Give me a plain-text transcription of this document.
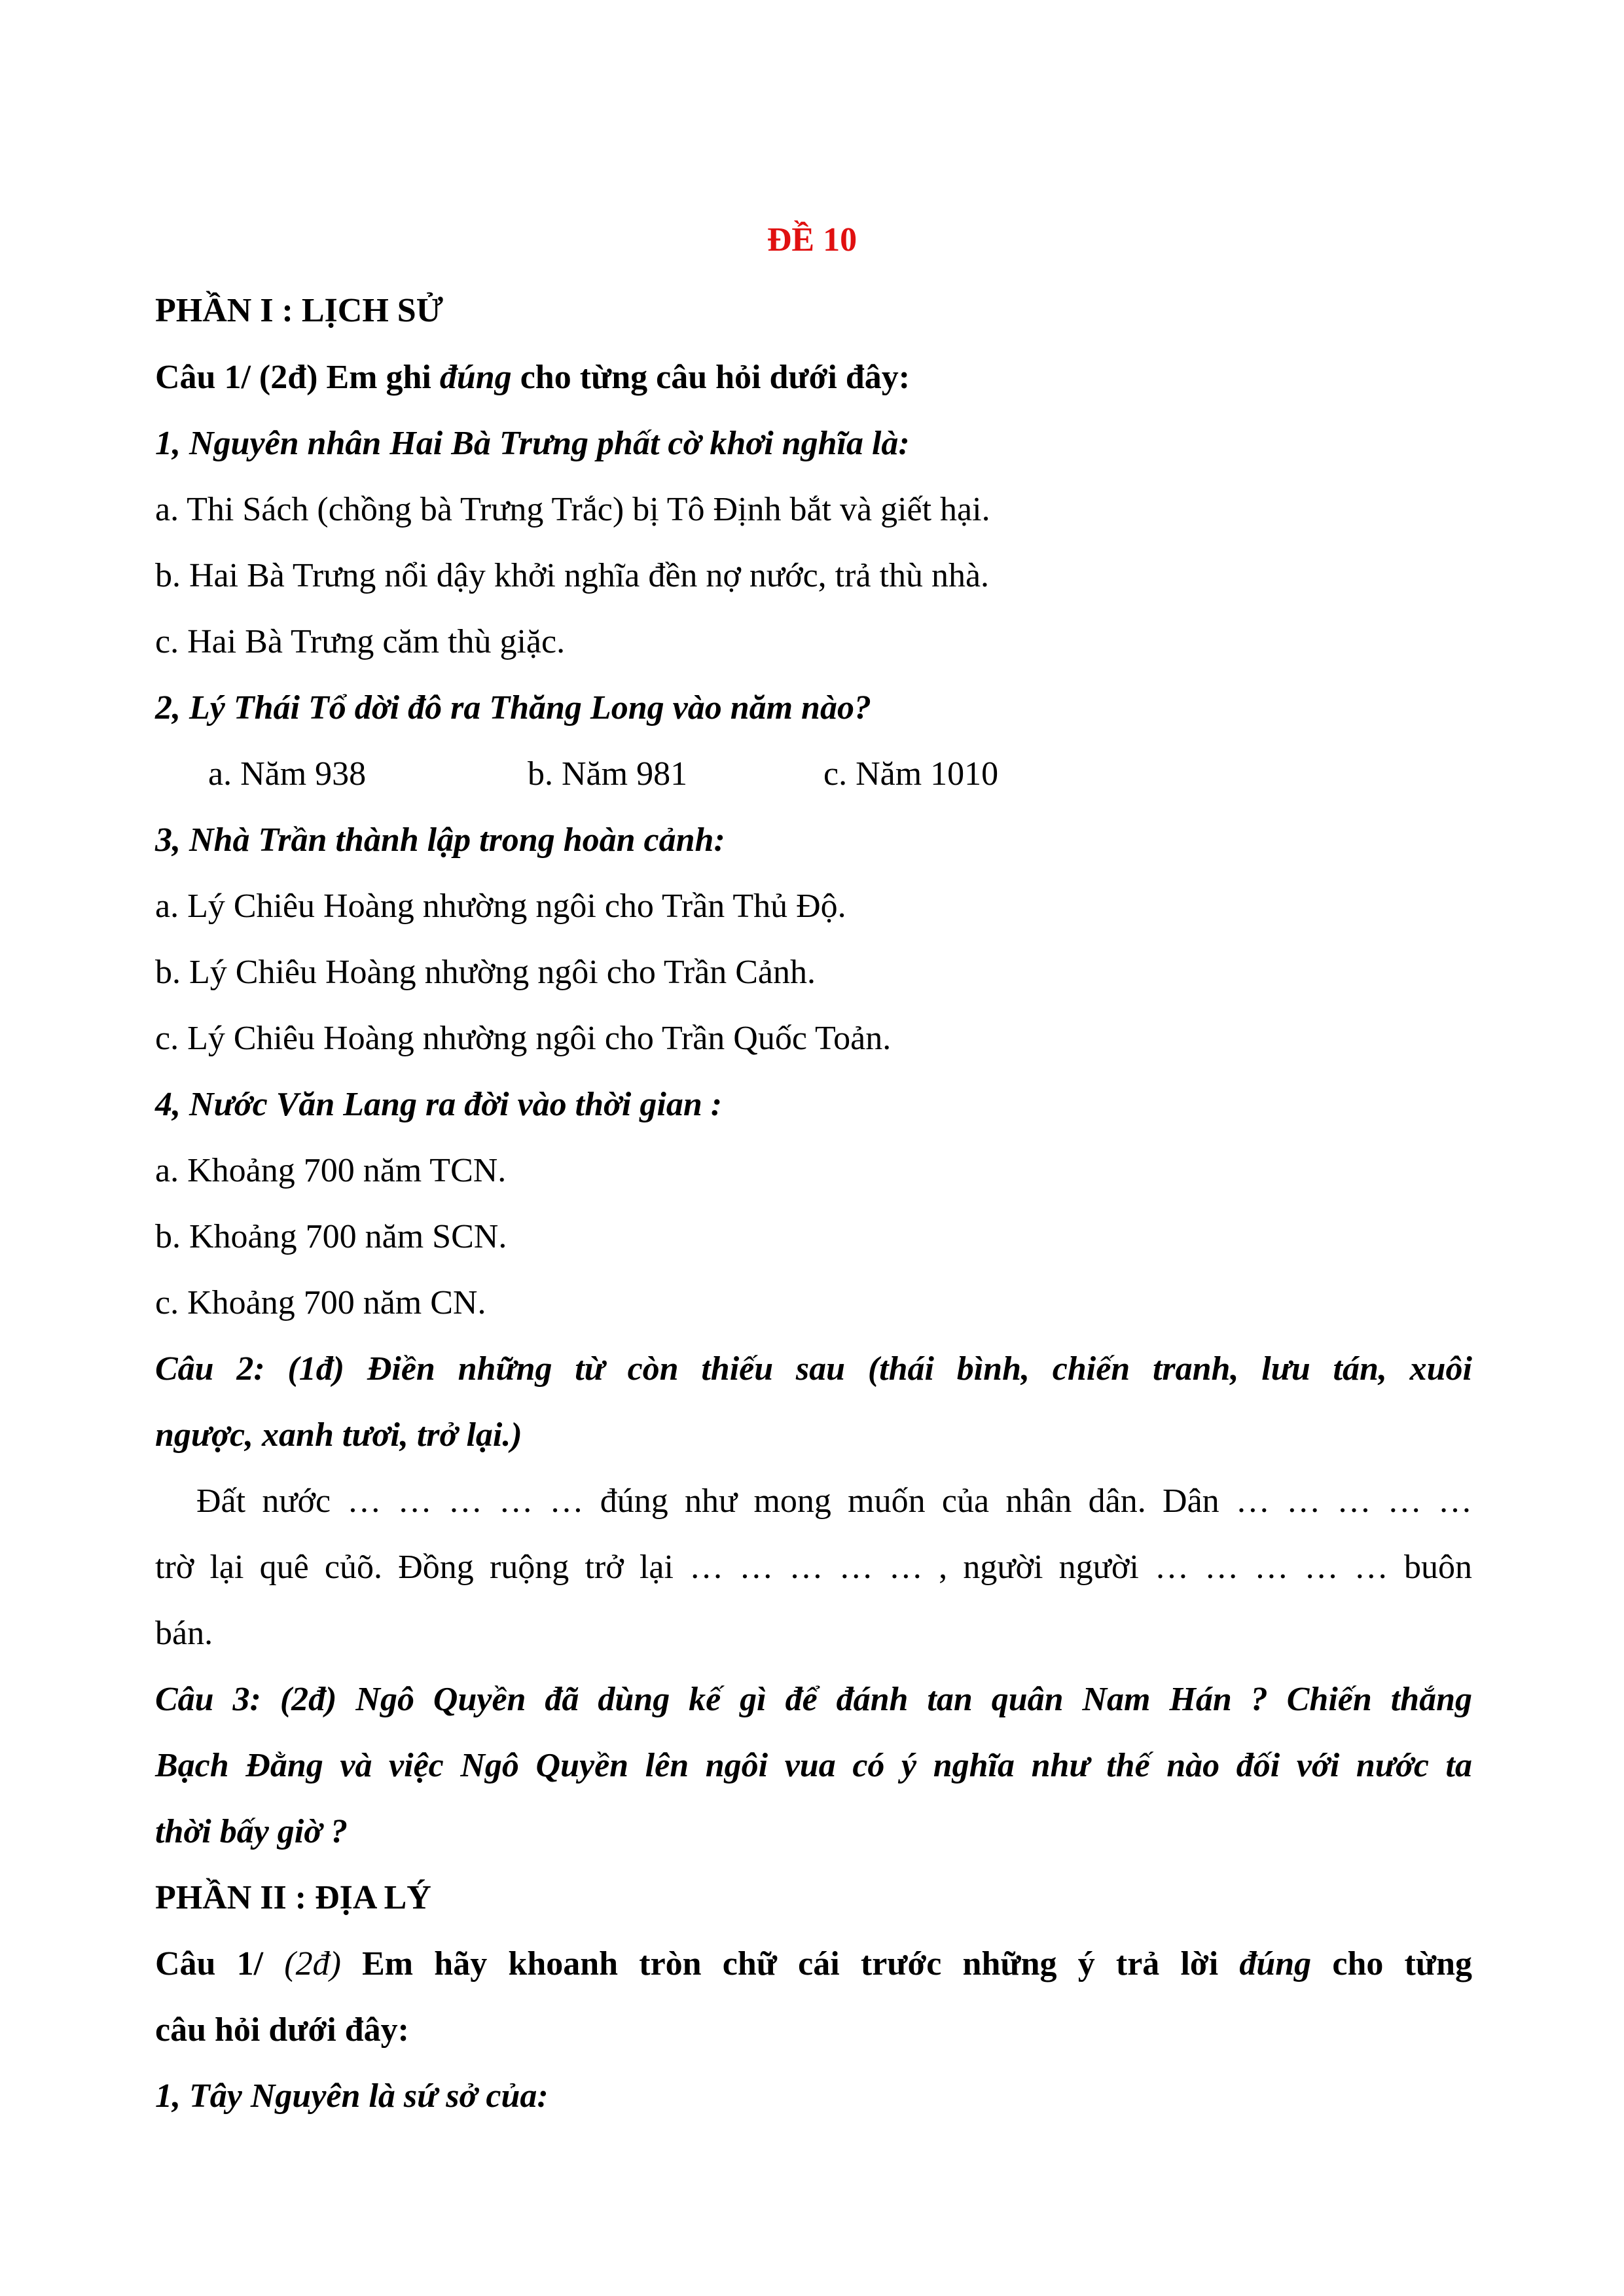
ĐỀ 10
PHẦN I : LỊCH SỬ
Câu 1/ (2đ) Em ghi đúng cho từng câu hỏi dưới đây:
1, Nguyên nhân Hai Bà Trưng phất cờ khơi nghĩa là:
a. Thi Sách (chồng bà Trưng Trắc) bị Tô Định bắt và giết hại.
b. Hai Bà Trưng nổi dậy khởi nghĩa đền nợ nước, trả thù nhà.
c. Hai Bà Trưng căm thù giặc.
2, Lý Thái Tổ dời đô ra Thăng Long vào năm nào?
a. Năm 938	b. Năm 981	c. Năm 1010
3, Nhà Trần thành lập trong hoàn cảnh:
a. Lý Chiêu Hoàng nhường ngôi cho Trần Thủ Độ.
b. Lý Chiêu Hoàng nhường ngôi cho Trần Cảnh.
c. Lý Chiêu Hoàng nhường ngôi cho Trần Quốc Toản.
4, Nước Văn Lang ra đời vào thời gian :
a. Khoảng 700 năm TCN.
b. Khoảng 700 năm SCN.
c. Khoảng 700 năm CN.
Câu 2: (1đ) Điền những từ còn thiếu sau (thái bình, chiến tranh, lưu tán, xuôi
ngược, xanh tươi, trở lại.)
Đất nước … … … … … đúng như mong muốn của nhân dân. Dân … … … … …
trờ lại quê củõ. Đồng ruộng trở lại … … … … … , người người … … … … … buôn
bán.
Câu 3: (2đ) Ngô Quyền đã dùng kế gì để đánh tan quân Nam Hán ? Chiến thắng
Bạch Đằng và việc Ngô Quyền lên ngôi vua có ý nghĩa như thế nào đối với nước ta
thời bấy giờ ?
PHẦN II : ĐỊA LÝ
Câu 1/ (2đ) Em hãy khoanh tròn chữ cái trước những ý trả lời đúng cho từng
câu hỏi dưới đây:
1, Tây Nguyên là sứ sở của:
